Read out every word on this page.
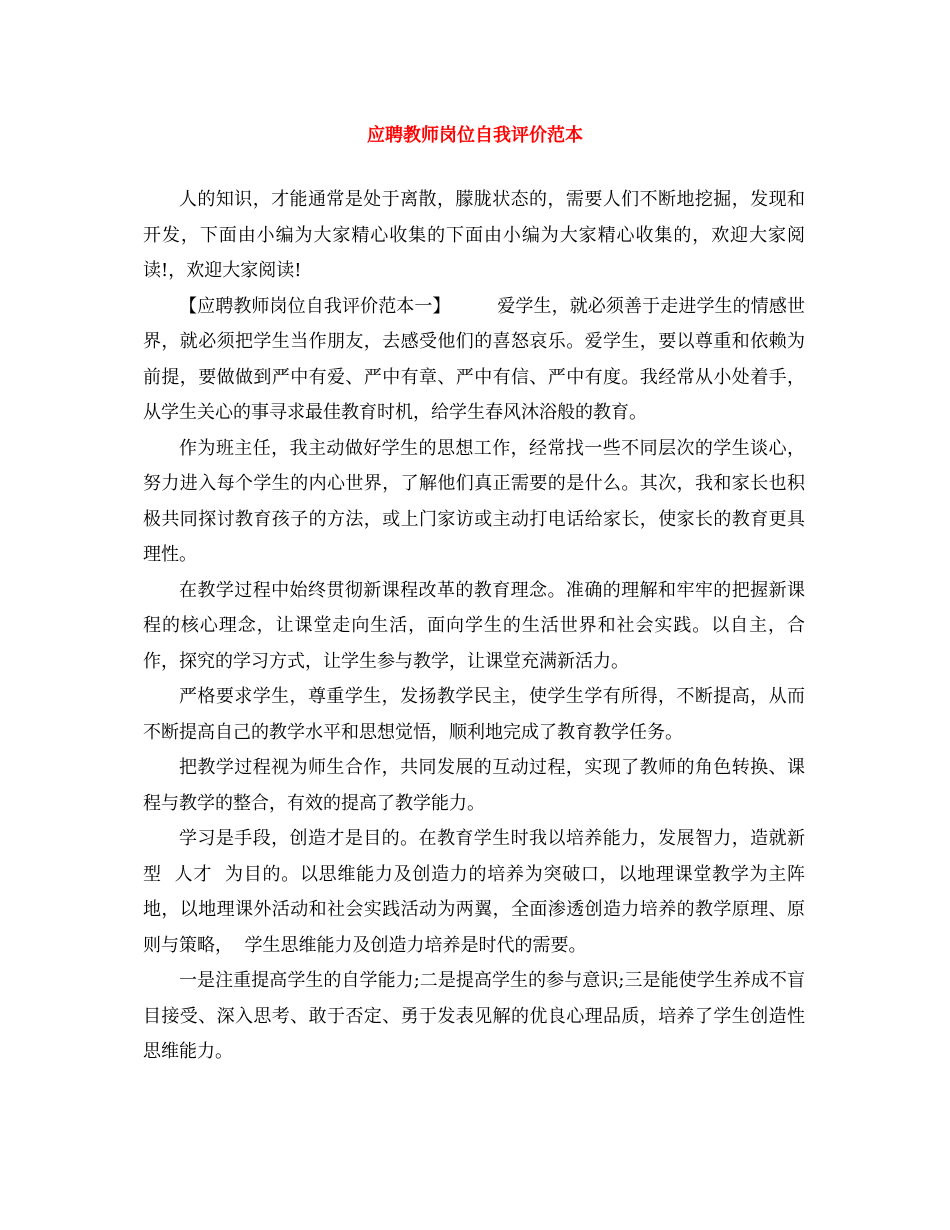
应聘教师岗位自我评价范本

人的知识，才能通常是处于离散，朦胧状态的，需要人们不断地挖掘，发现和开发，下面由小编为大家精心收集的下面由小编为大家精心收集的，欢迎大家阅读!，欢迎大家阅读!

【应聘教师岗位自我评价范本一】        爱学生，就必须善于走进学生的情感世界，就必须把学生当作朋友，去感受他们的喜怒哀乐。爱学生，要以尊重和依赖为前提，要做做到严中有爱、严中有章、严中有信、严中有度。我经常从小处着手，从学生关心的事寻求最佳教育时机，给学生春风沐浴般的教育。

作为班主任，我主动做好学生的思想工作，经常找一些不同层次的学生谈心，努力进入每个学生的内心世界，了解他们真正需要的是什么。其次，我和家长也积极共同探讨教育孩子的方法，或上门家访或主动打电话给家长，使家长的教育更具理性。

在教学过程中始终贯彻新课程改革的教育理念。准确的理解和牢牢的把握新课程的核心理念，让课堂走向生活，面向学生的生活世界和社会实践。以自主，合作，探究的学习方式，让学生参与教学，让课堂充满新活力。

严格要求学生，尊重学生，发扬教学民主，使学生学有所得，不断提高，从而不断提高自己的教学水平和思想觉悟，顺利地完成了教育教学任务。

把教学过程视为师生合作，共同发展的互动过程，实现了教师的角色转换、课程与教学的整合，有效的提高了教学能力。

学习是手段，创造才是目的。在教育学生时我以培养能力，发展智力，造就新型  人才  为目的。以思维能力及创造力的培养为突破口，以地理课堂教学为主阵地，以地理课外活动和社会实践活动为两翼，全面渗透创造力培养的教学原理、原则与策略，  学生思维能力及创造力培养是时代的需要。

一是注重提高学生的自学能力;二是提高学生的参与意识;三是能使学生养成不盲目接受、深入思考、敢于否定、勇于发表见解的优良心理品质，培养了学生创造性思维能力。
